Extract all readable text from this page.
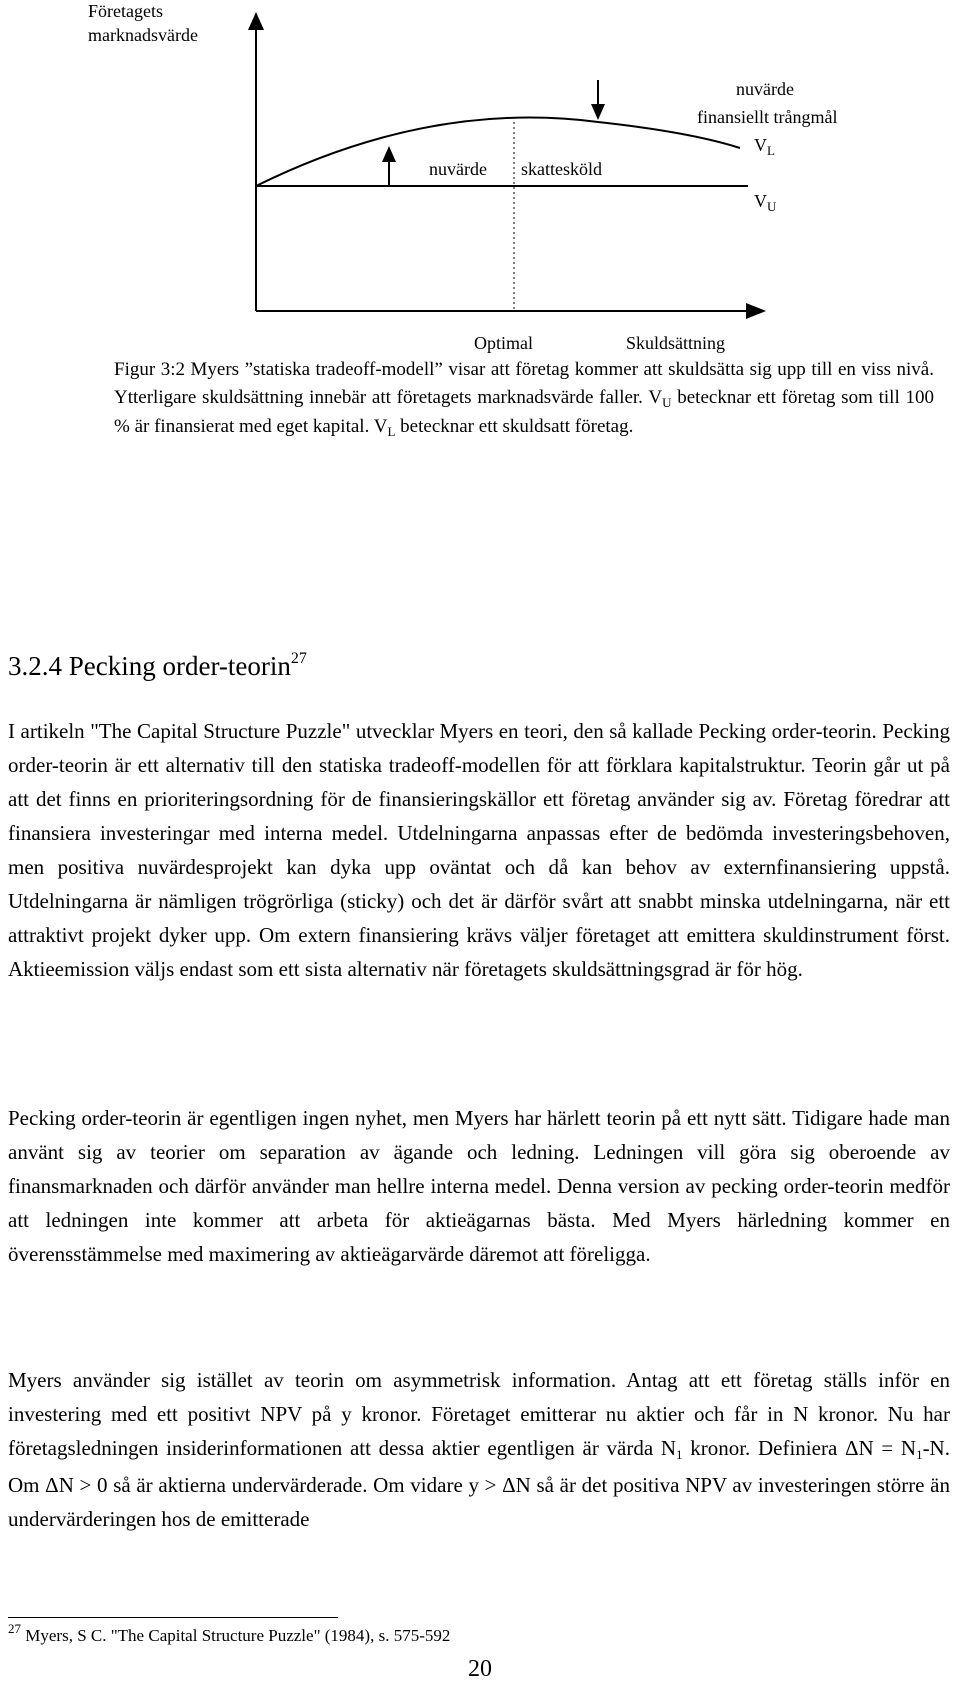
Företagets
marknadsvärde
nuvärde
finansiellt trångmål
$V_L$
nuvärde skattesköld
$V_U$
Optimal	Skuldsättning
Figur 3:2 Myers ”statiska tradeoff-modell” visar att företag kommer att skuldsätta sig upp till en viss nivå. Ytterligare skuldsättning innebär att företagets marknadsvärde faller. $V_U$ betecknar ett företag som till 100 % är finansierat med eget kapital. $V_L$ betecknar ett skuldsatt företag.
3.2.4 Pecking order-teorin$^{27}$

I artikeln "The Capital Structure Puzzle" utvecklar Myers en teori, den så kallade Pecking order-teorin. Pecking order-teorin är ett alternativ till den statiska tradeoff-modellen för att förklara kapitalstruktur. Teorin går ut på att det finns en prioriteringsordning för de finansieringskällor ett företag använder sig av. Företag föredrar att finansiera investeringar med interna medel. Utdelningarna anpassas efter de bedömda investeringsbehoven, men positiva nuvärdesprojekt kan dyka upp oväntat och då kan behov av externfinansiering uppstå. Utdelningarna är nämligen trögrörliga (sticky) och det är därför svårt att snabbt minska utdelningarna, när ett attraktivt projekt dyker upp. Om extern finansiering krävs väljer företaget att emittera skuldinstrument först. Aktieemission väljs endast som ett sista alternativ när företagets skuldsättningsgrad är för hög.

Pecking order-teorin är egentligen ingen nyhet, men Myers har härlett teorin på ett nytt sätt. Tidigare hade man använt sig av teorier om separation av ägande och ledning. Ledningen vill göra sig oberoende av finansmarknaden och därför använder man hellre interna medel. Denna version av pecking order-teorin medför att ledningen inte kommer att arbeta för aktieägarnas bästa. Med Myers härledning kommer en överensstämmelse med maximering av aktieägarvärde däremot att föreligga.

Myers använder sig istället av teorin om asymmetrisk information. Antag att ett företag ställs inför en investering med ett positivt NPV på y kronor. Företaget emitterar nu aktier och får in N kronor. Nu har företagsledningen insiderinformationen att dessa aktier egentligen är värda N1 kronor. Definiera ΔN = N1-N. Om ΔN > 0 så är aktierna undervärderade. Om vidare y > ΔN så är det positiva NPV av investeringen större än undervärderingen hos de emitterade

$^{27}$ Myers, S C. "The Capital Structure Puzzle" (1984), s. 575-592
20
